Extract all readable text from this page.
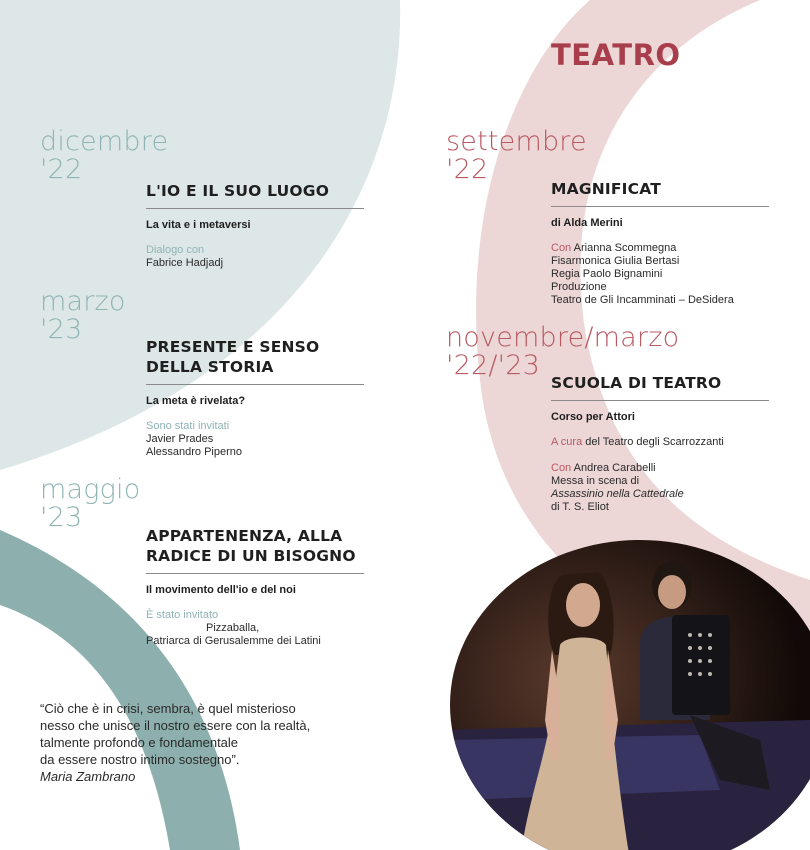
TEATRO
dicembre
'22
L'IO E IL SUO LUOGO
La vita e i metaversi
Dialogo con
Fabrice Hadjadj
marzo
'23
PRESENTE E SENSO
DELLA STORIA
La meta è rivelata?
Sono stati invitati
Javier Prades
Alessandro Piperno
maggio
'23
APPARTENENZA, ALLA
RADICE DI UN BISOGNO
Il movimento dell'io e del noi
È stato invitato
Pizzaballa,
Patriarca di Gerusalemme dei Latini
“Ciò che è in crisi, sembra, è quel misterioso
nesso che unisce il nostro essere con la realtà,
talmente profondo e fondamentale
da essere nostro intimo sostegno”.
Maria Zambrano
settembre
'22
MAGNIFICAT
di Alda Merini
Con Arianna Scommegna
Fisarmonica Giulia Bertasi
Regia Paolo Bignamini
Produzione
Teatro de Gli Incamminati – DeSidera
novembre/marzo
'22/'23
SCUOLA DI TEATRO
Corso per Attori
A cura del Teatro degli Scarrozzanti
Con Andrea Carabelli
Messa in scena di
Assassinio nella Cattedrale
di T. S. Eliot
